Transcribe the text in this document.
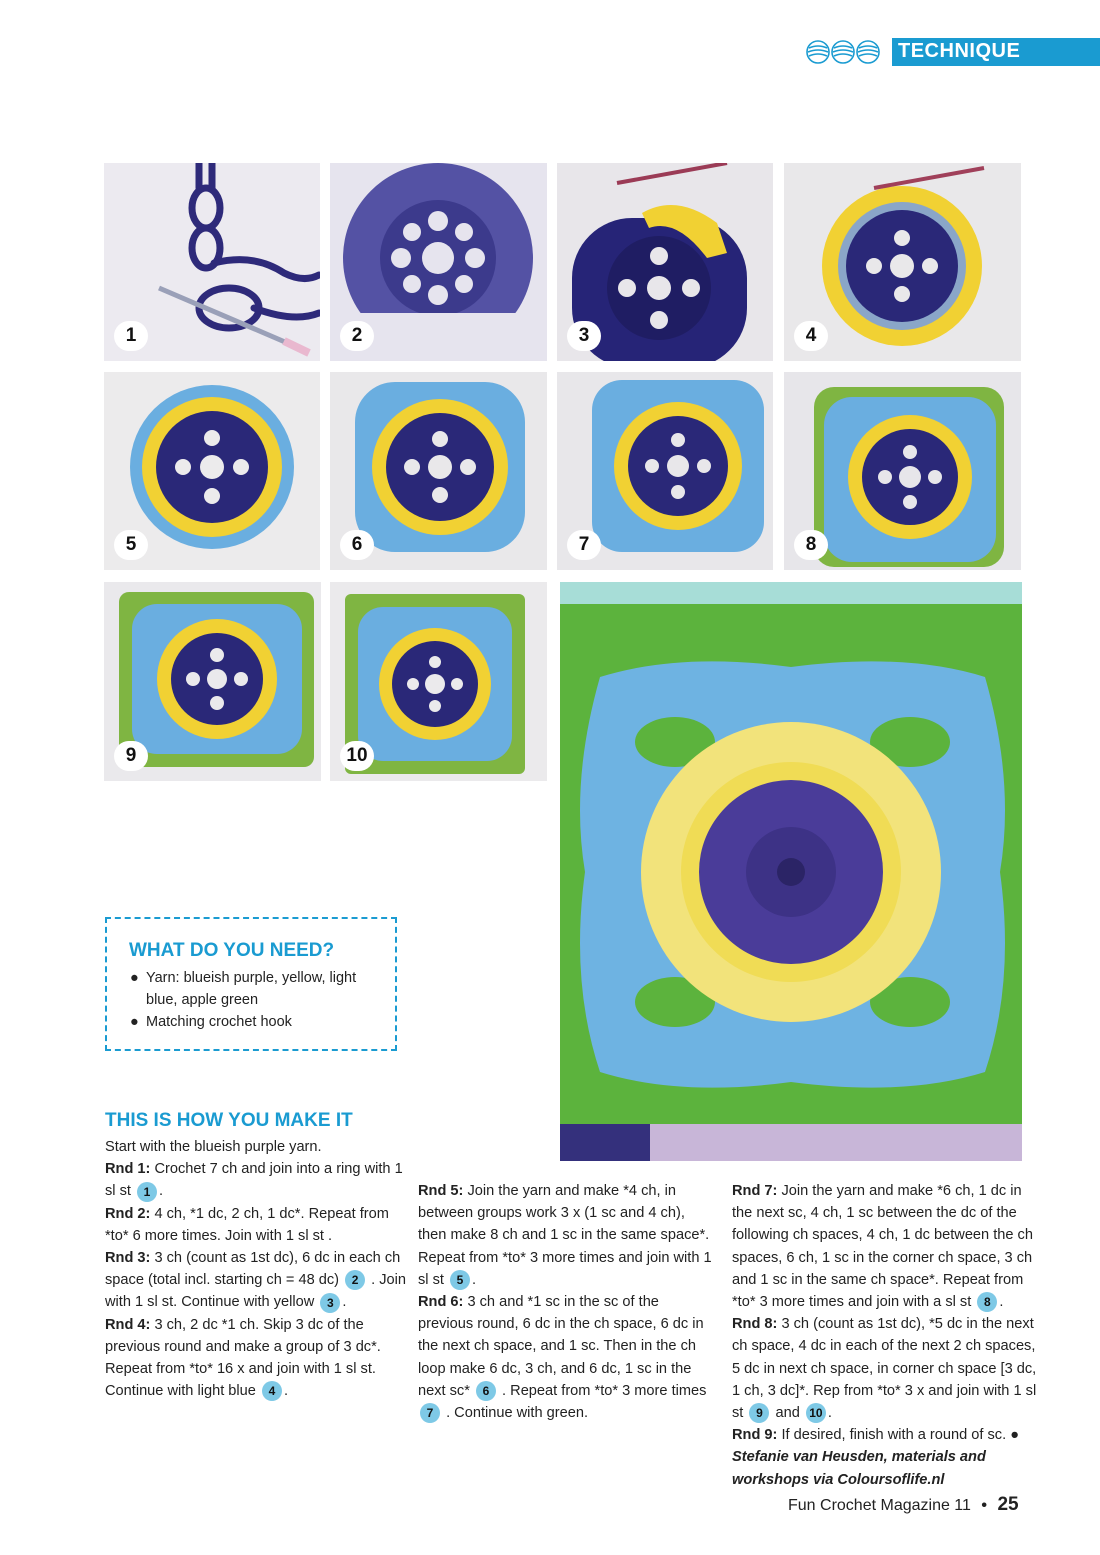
TECHNIQUE
1	2	3	4
5	6	7	8
9	10
WHAT DO YOU NEED?
● Yarn: blueish purple, yellow, light blue, apple green
● Matching crochet hook
THIS IS HOW YOU MAKE IT

Start with the blueish purple yarn.

Rnd 1: Crochet 7 ch and join into a ring with 1 sl st 1 .

Rnd 2: 4 ch, *1 dc, 2 ch, 1 dc*. Repeat from *to* 6 more times. Join with 1 sl st .

Rnd 3: 3 ch (count as 1st dc), 6 dc in each ch space (total incl. starting ch = 48 dc) 2 . Join with 1 sl st. Continue with yellow 3 .

Rnd 4: 3 ch, 2 dc *1 ch. Skip 3 dc of the previous round and make a group of 3 dc*. Repeat from *to* 16 x and join with 1 sl st. Continue with light blue 4 .

Rnd 5: Join the yarn and make *4 ch, in between groups work 3 x (1 sc and 4 ch), then make 8 ch and 1 sc in the same space*. Repeat from *to* 3 more times and join with 1 sl st 5 .

Rnd 6: 3 ch and *1 sc in the sc of the previous round, 6 dc in the ch space, 6 dc in the next ch space, and 1 sc. Then in the ch loop make 6 dc, 3 ch, and 6 dc, 1 sc in the next sc* 6 . Repeat from *to* 3 more times 7 . Continue with green.

Rnd 7: Join the yarn and make *6 ch, 1 dc in the next sc, 4 ch, 1 sc between the dc of the following ch spaces, 4 ch, 1 dc between the ch spaces, 6 ch, 1 sc in the corner ch space, 3 ch and 1 sc in the same ch space*. Repeat from *to* 3 more times and join with a sl st 8 .

Rnd 8: 3 ch (count as 1st dc), *5 dc in the next ch space, 4 dc in each of the next 2 ch spaces, 5 dc in next ch space, in corner ch space [3 dc, 1 ch, 3 dc]*. Rep from *to* 3 x and join with 1 sl st 9 and 10 .

Rnd 9: If desired, finish with a round of sc. ●

Stefanie van Heusden, materials and workshops via Coloursoflife.nl

Fun Crochet Magazine 11 • 25
